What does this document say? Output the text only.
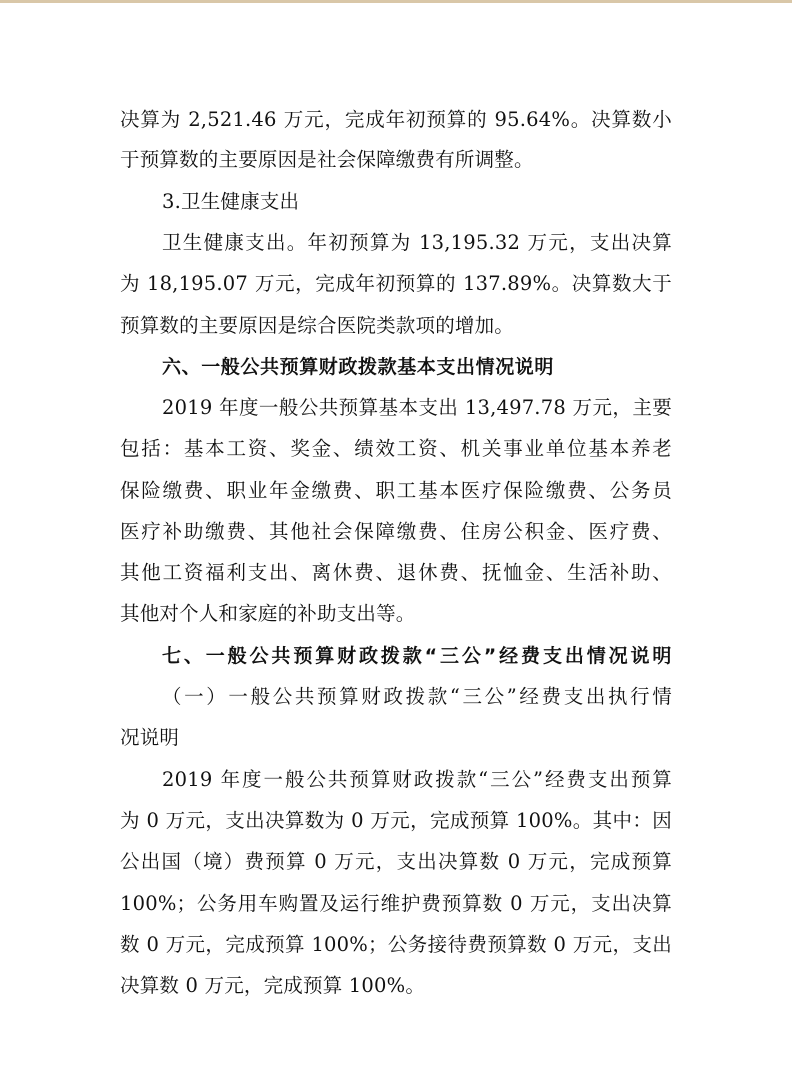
决算为 2,521.46 万元，完成年初预算的 95.64%。决算数小

于预算数的主要原因是社会保障缴费有所调整。

3.卫生健康支出

卫生健康支出。年初预算为 13,195.32 万元，支出决算

为 18,195.07 万元，完成年初预算的 137.89%。决算数大于

预算数的主要原因是综合医院类款项的增加。

六、一般公共预算财政拨款基本支出情况说明

2019 年度一般公共预算基本支出 13,497.78 万元，主要

包括：基本工资、奖金、绩效工资、机关事业单位基本养老

保险缴费、职业年金缴费、职工基本医疗保险缴费、公务员

医疗补助缴费、其他社会保障缴费、住房公积金、医疗费、

其他工资福利支出、离休费、退休费、抚恤金、生活补助、

其他对个人和家庭的补助支出等。

七、一般公共预算财政拨款“三公”经费支出情况说明

（一）一般公共预算财政拨款“三公”经费支出执行情

况说明

2019 年度一般公共预算财政拨款“三公”经费支出预算

为 0 万元，支出决算数为 0 万元，完成预算 100%。其中：因

公出国（境）费预算 0 万元，支出决算数 0 万元，完成预算

100%；公务用车购置及运行维护费预算数 0 万元，支出决算

数 0 万元，完成预算 100%；公务接待费预算数 0 万元，支出

决算数 0 万元，完成预算 100%。
